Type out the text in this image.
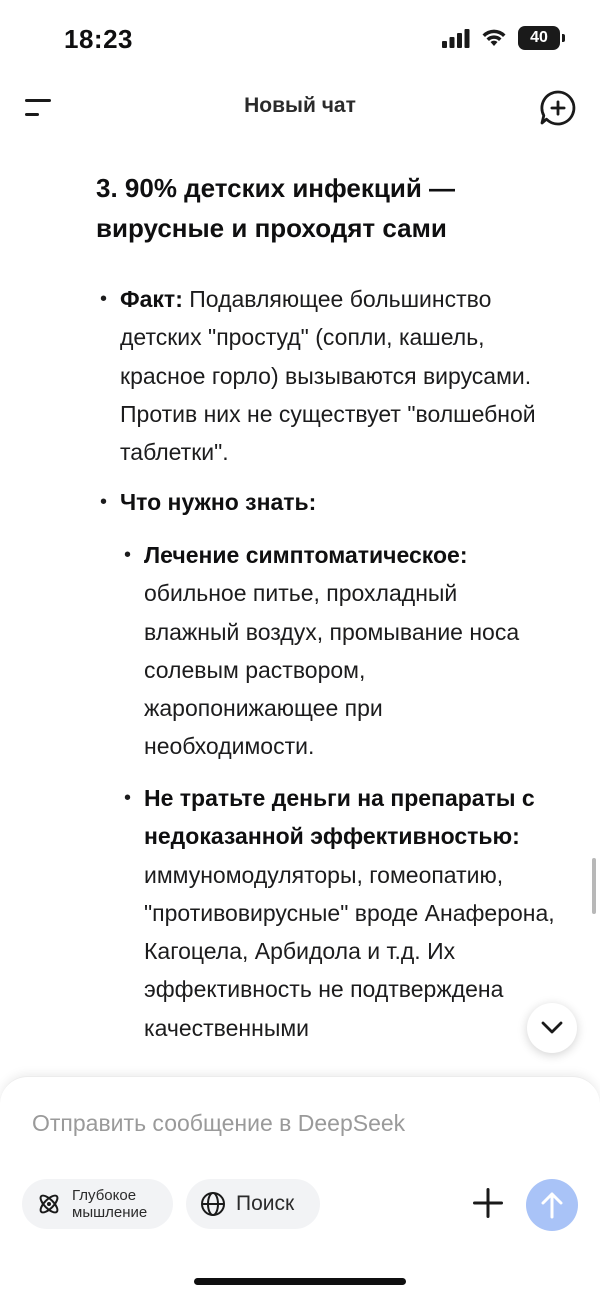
18:23	40
Новый чат
3. 90% детских инфекций — вирусные и проходят сами
• Факт: Подавляющее большинство детских "простуд" (сопли, кашель, красное горло) вызываются вирусами. Против них не существует "волшебной таблетки".
• Что нужно знать:
• Лечение симптоматическое: обильное питье, прохладный влажный воздух, промывание носа солевым раствором, жаропонижающее при необходимости.
• Не тратьте деньги на препараты с недоказанной эффективностью: иммуномодуляторы, гомеопатию, "противовирусные" вроде Анаферона, Кагоцела, Арбидола и т.д. Их эффективность не подтверждена качественными
Отправить сообщение в DeepSeek
Глубокое
мышление	Поиск
